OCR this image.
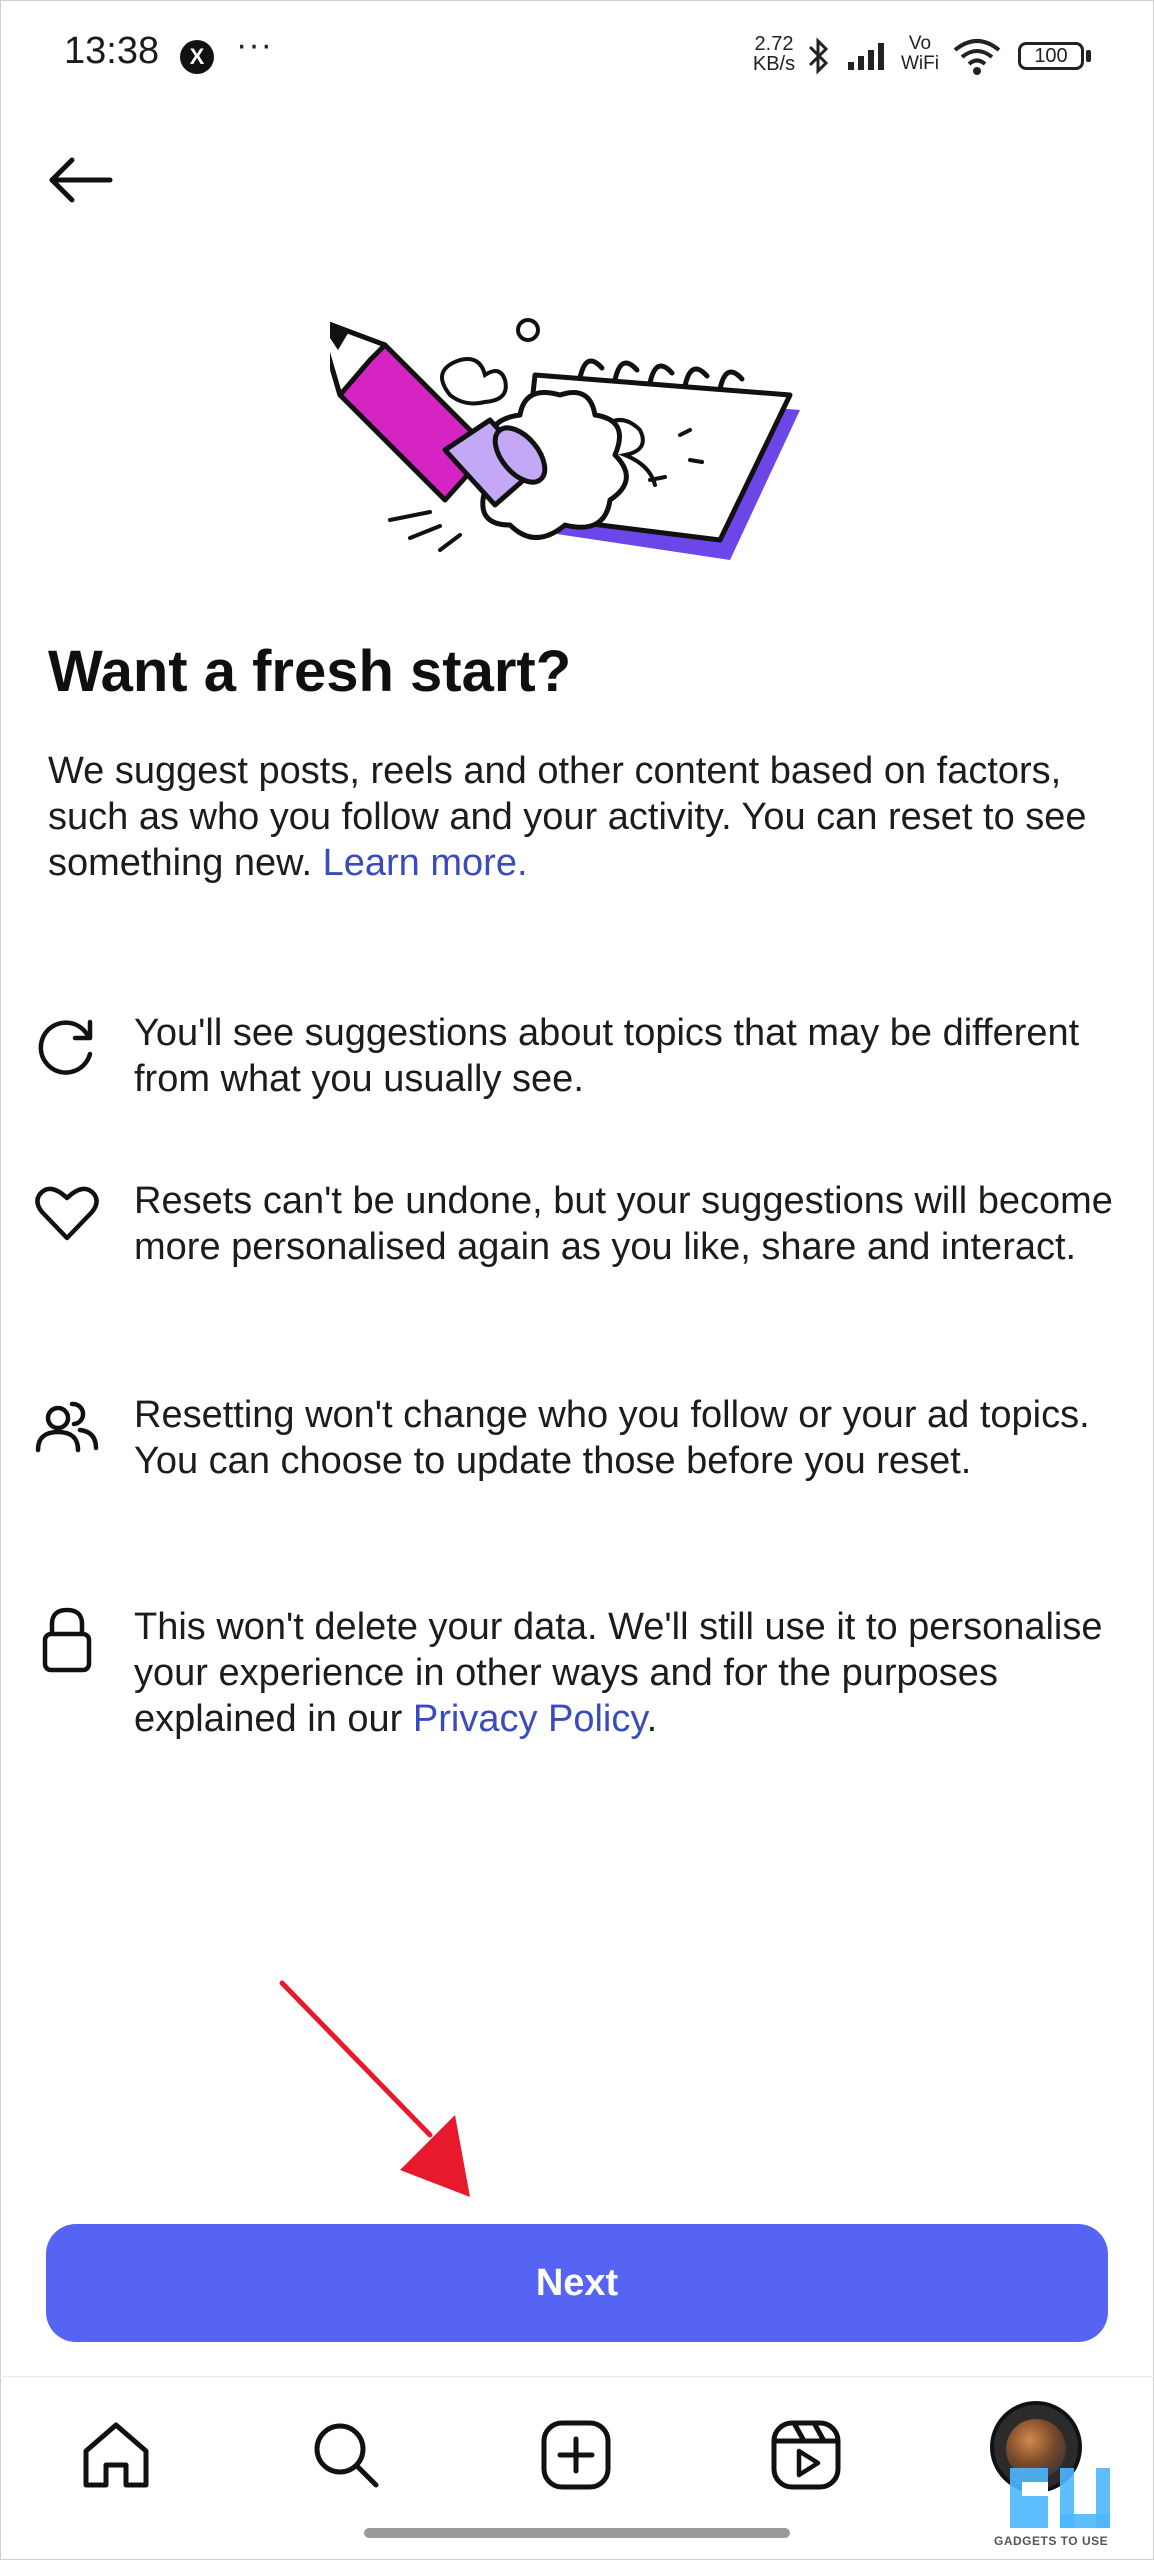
13:38	X ···	2.72
KB/s
Vo
WiFi	100
Want a fresh start?
We suggest posts, reels and other content based on factors, such as who you follow and your activity. You can reset to see something new. Learn more.
You'll see suggestions about topics that may be different from what you usually see.
Resets can't be undone, but your suggestions will become more personalised again as you like, share and interact.
Resetting won't change who you follow or your ad topics. You can choose to update those before you reset.
This won't delete your data. We'll still use it to personalise your experience in other ways and for the purposes explained in our Privacy Policy.
Next
GADGETS TO USE
